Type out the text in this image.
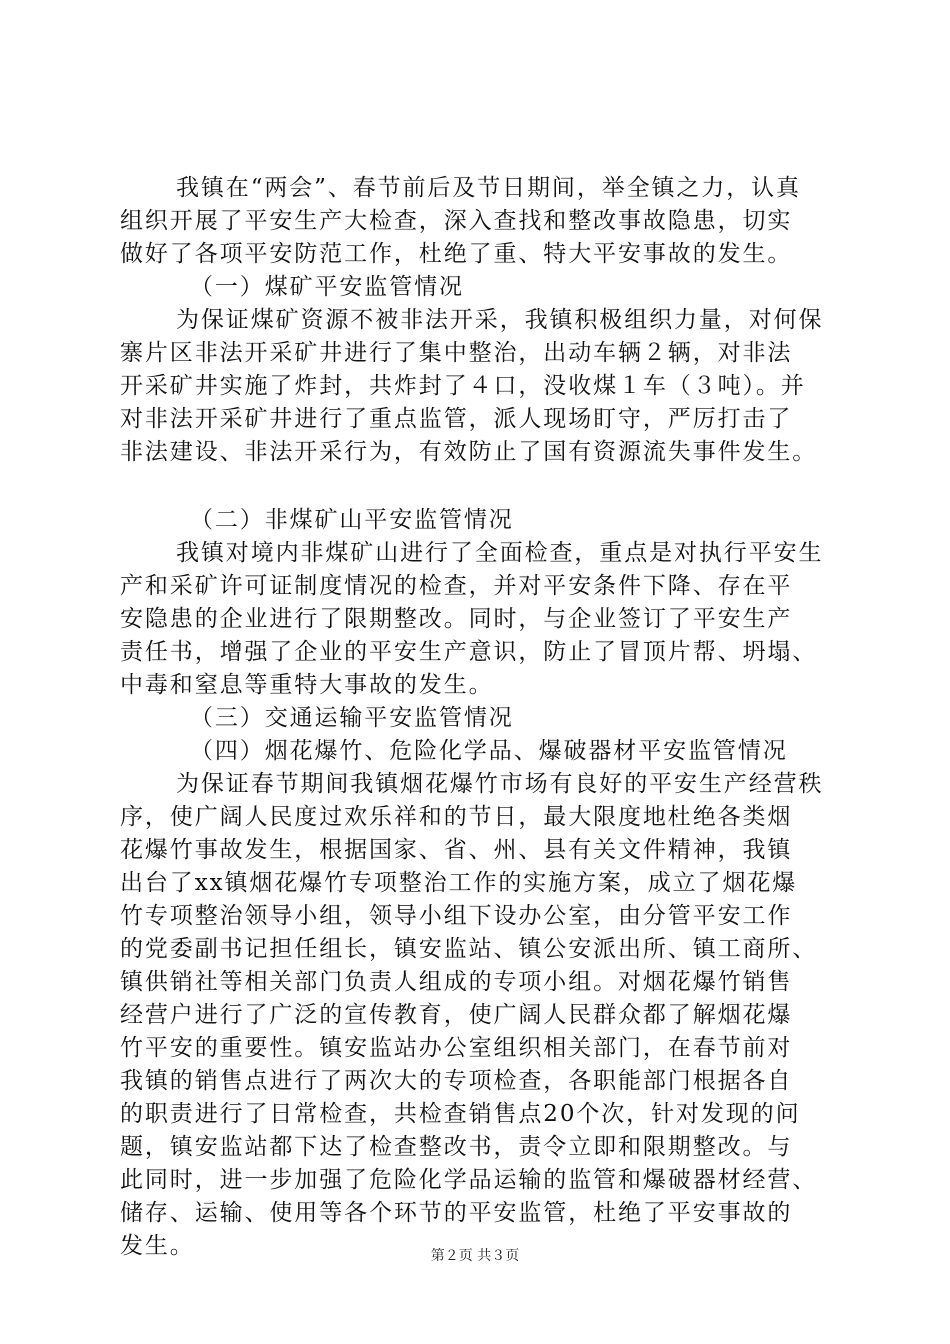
我镇在“两会”、春节前后及节日期间，举全镇之力，认真
组织开展了平安生产大检查，深入查找和整改事故隐患，切实
做好了各项平安防范工作，杜绝了重、特大平安事故的发生。
（一）煤矿平安监管情况
为保证煤矿资源不被非法开采，我镇积极组织力量，对何保
寨片区非法开采矿井进行了集中整治，出动车辆２辆，对非法
开采矿井实施了炸封，共炸封了４口，没收煤１车（３吨）。并
对非法开采矿井进行了重点监管，派人现场盯守，严厉打击了
非法建设、非法开采行为，有效防止了国有资源流失事件发生。
（二）非煤矿山平安监管情况
我镇对境内非煤矿山进行了全面检查，重点是对执行平安生
产和采矿许可证制度情况的检查，并对平安条件下降、存在平
安隐患的企业进行了限期整改。同时，与企业签订了平安生产
责任书，增强了企业的平安生产意识，防止了冒顶片帮、坍塌、
中毒和窒息等重特大事故的发生。
（三）交通运输平安监管情况
（四）烟花爆竹、危险化学品、爆破器材平安监管情况
为保证春节期间我镇烟花爆竹市场有良好的平安生产经营秩
序，使广阔人民度过欢乐祥和的节日，最大限度地杜绝各类烟
花爆竹事故发生，根据国家、省、州、县有关文件精神，我镇
出台了xx镇烟花爆竹专项整治工作的实施方案，成立了烟花爆
竹专项整治领导小组，领导小组下设办公室，由分管平安工作
的党委副书记担任组长，镇安监站、镇公安派出所、镇工商所、
镇供销社等相关部门负责人组成的专项小组。对烟花爆竹销售
经营户进行了广泛的宣传教育，使广阔人民群众都了解烟花爆
竹平安的重要性。镇安监站办公室组织相关部门，在春节前对
我镇的销售点进行了两次大的专项检查，各职能部门根据各自
的职责进行了日常检查，共检查销售点20个次，针对发现的问
题，镇安监站都下达了检查整改书，责令立即和限期整改。与
此同时，进一步加强了危险化学品运输的监管和爆破器材经营、
储存、运输、使用等各个环节的平安监管，杜绝了平安事故的
发生。	第２页 共３页
